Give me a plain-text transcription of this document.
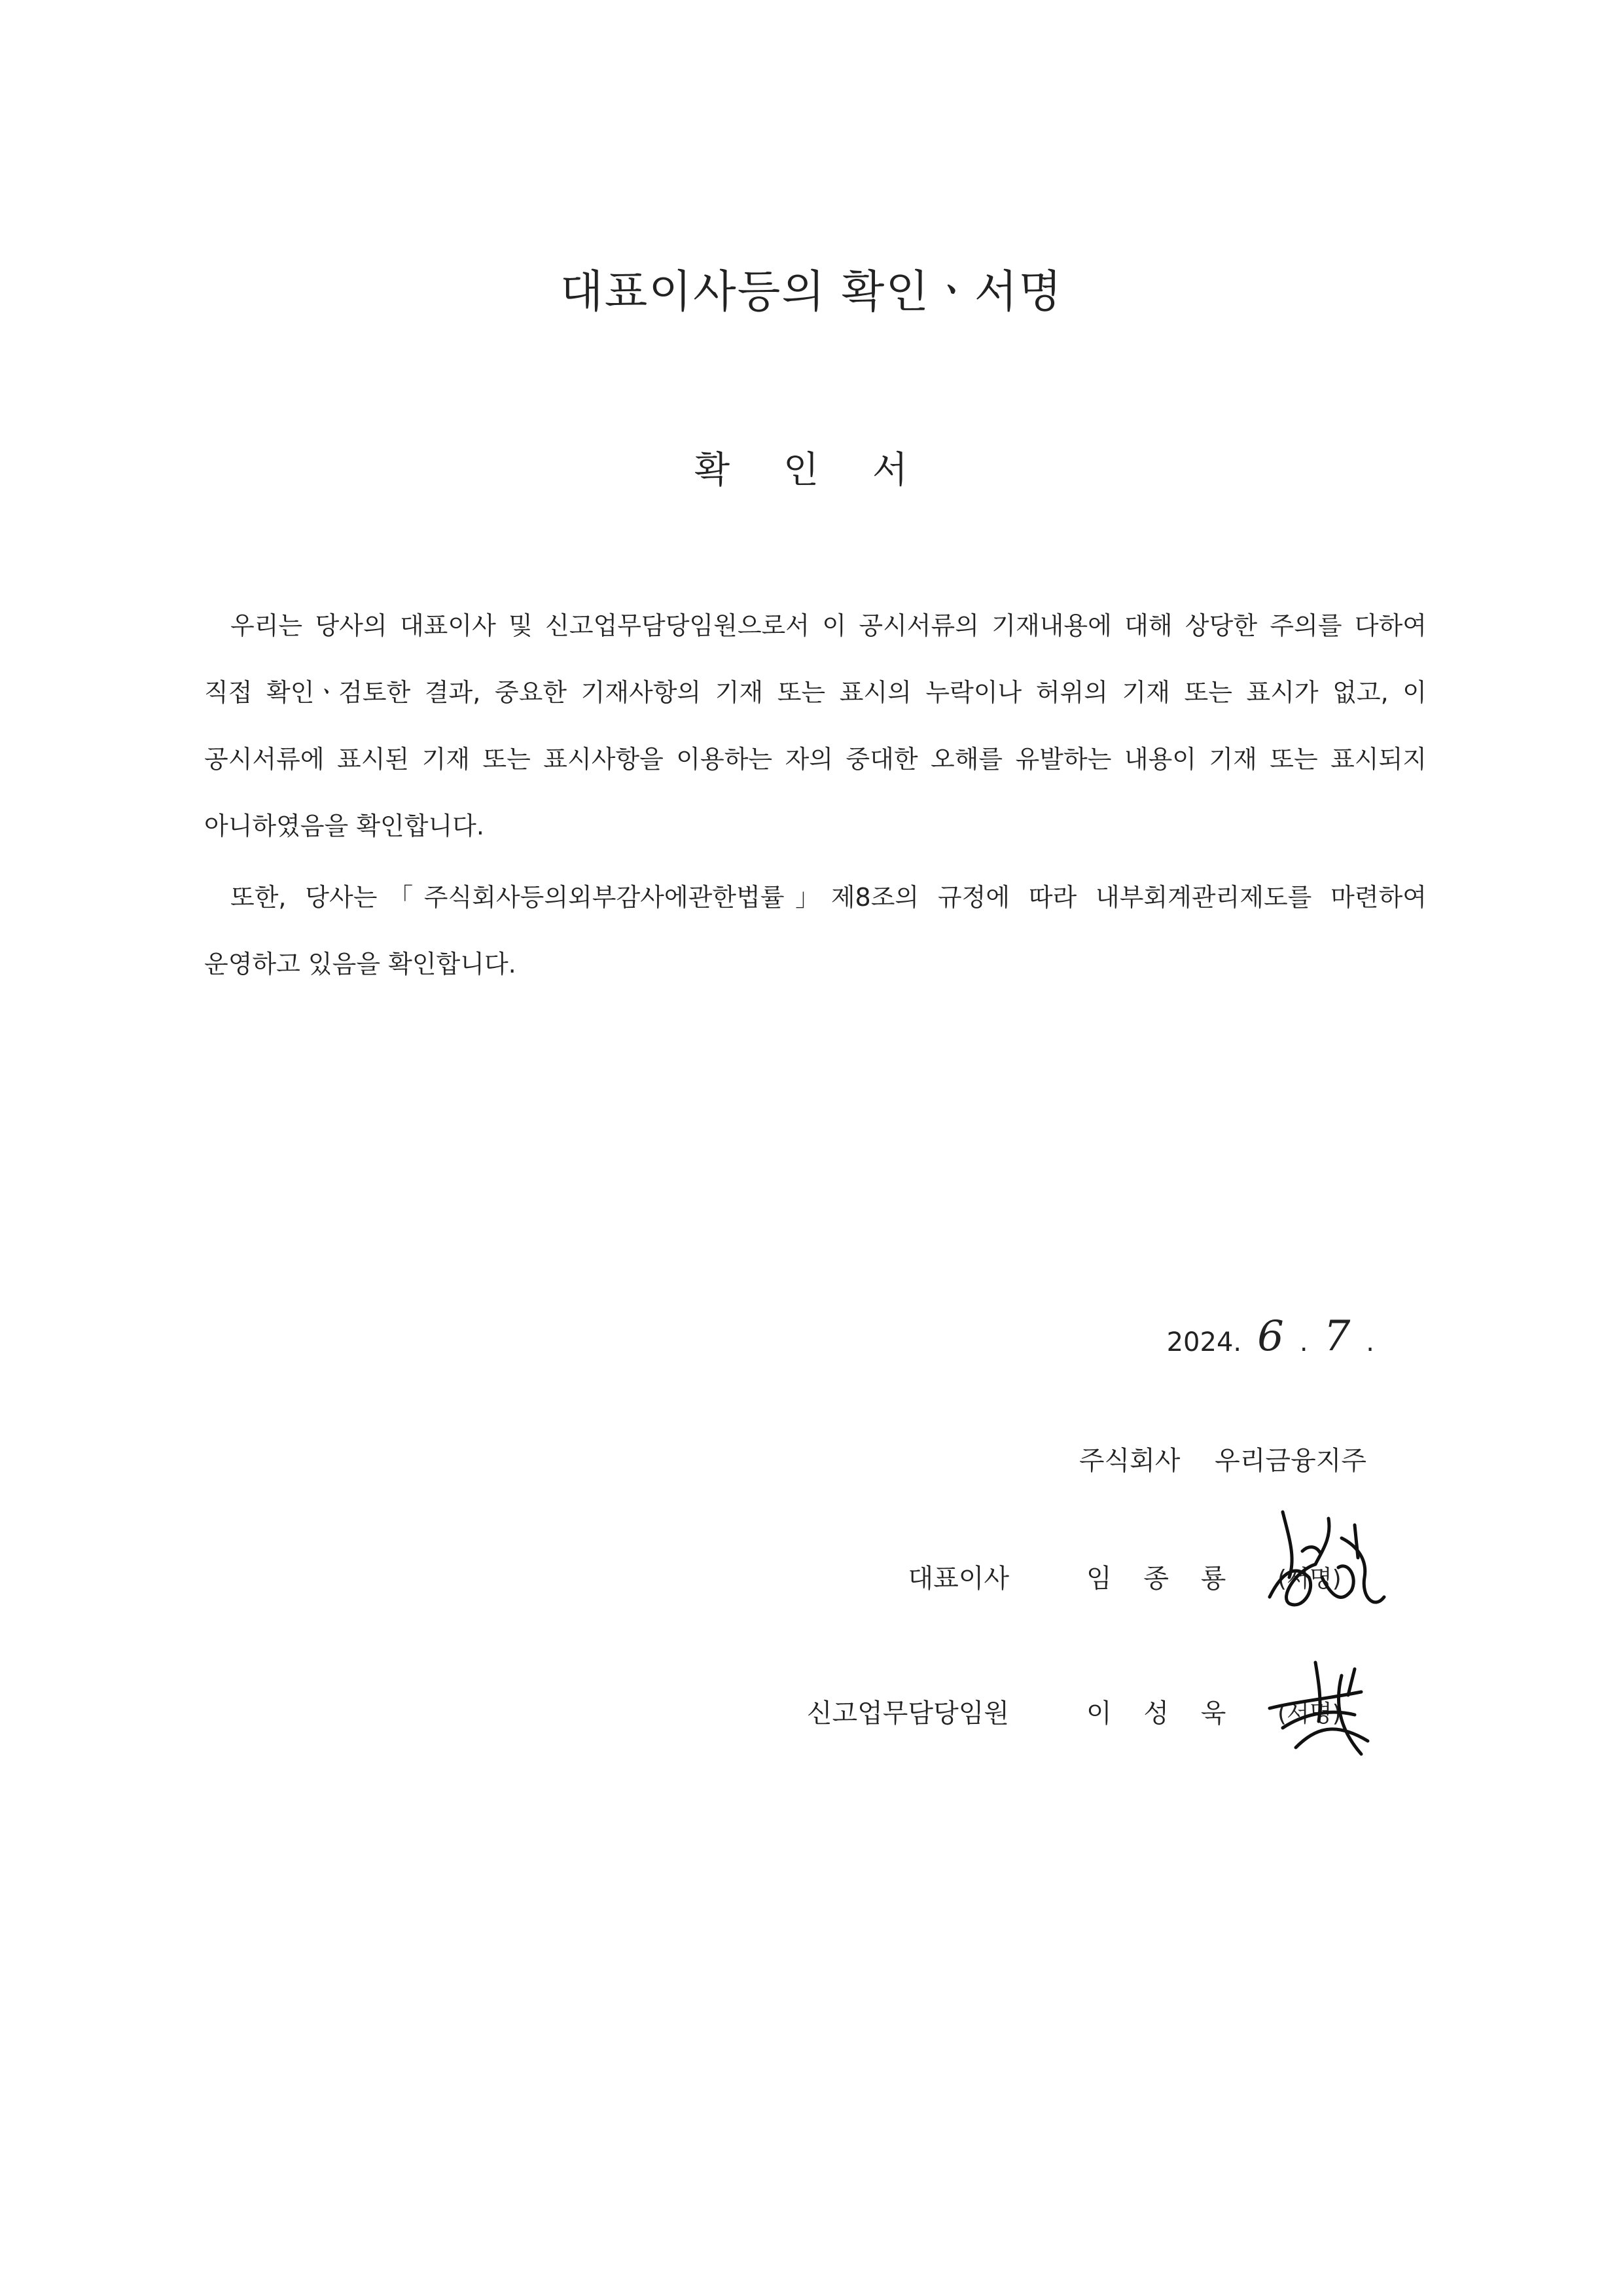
대표이사등의 확인ㆍ서명
확 인 서

우리는 당사의 대표이사 및 신고업무담당임원으로서 이 공시서류의 기재내용에 대해 상당한 주의를 다하여 직접 확인ㆍ검토한 결과, 중요한 기재사항의 기재 또는 표시의 누락이나 허위의 기재 또는 표시가 없고, 이 공시서류에 표시된 기재 또는 표시사항을 이용하는 자의 중대한 오해를 유발하는 내용이 기재 또는 표시되지 아니하였음을 확인합니다.

또한, 당사는「주식회사등의외부감사에관한법률」제8조의 규정에 따라 내부회계관리제도를 마련하여 운영하고 있음을 확인합니다.

2024. 6 . 7 .
주식회사 우리금융지주
대표이사	임 종 룡 (서명)
신고업무담당임원	이 성 욱 (서명)
